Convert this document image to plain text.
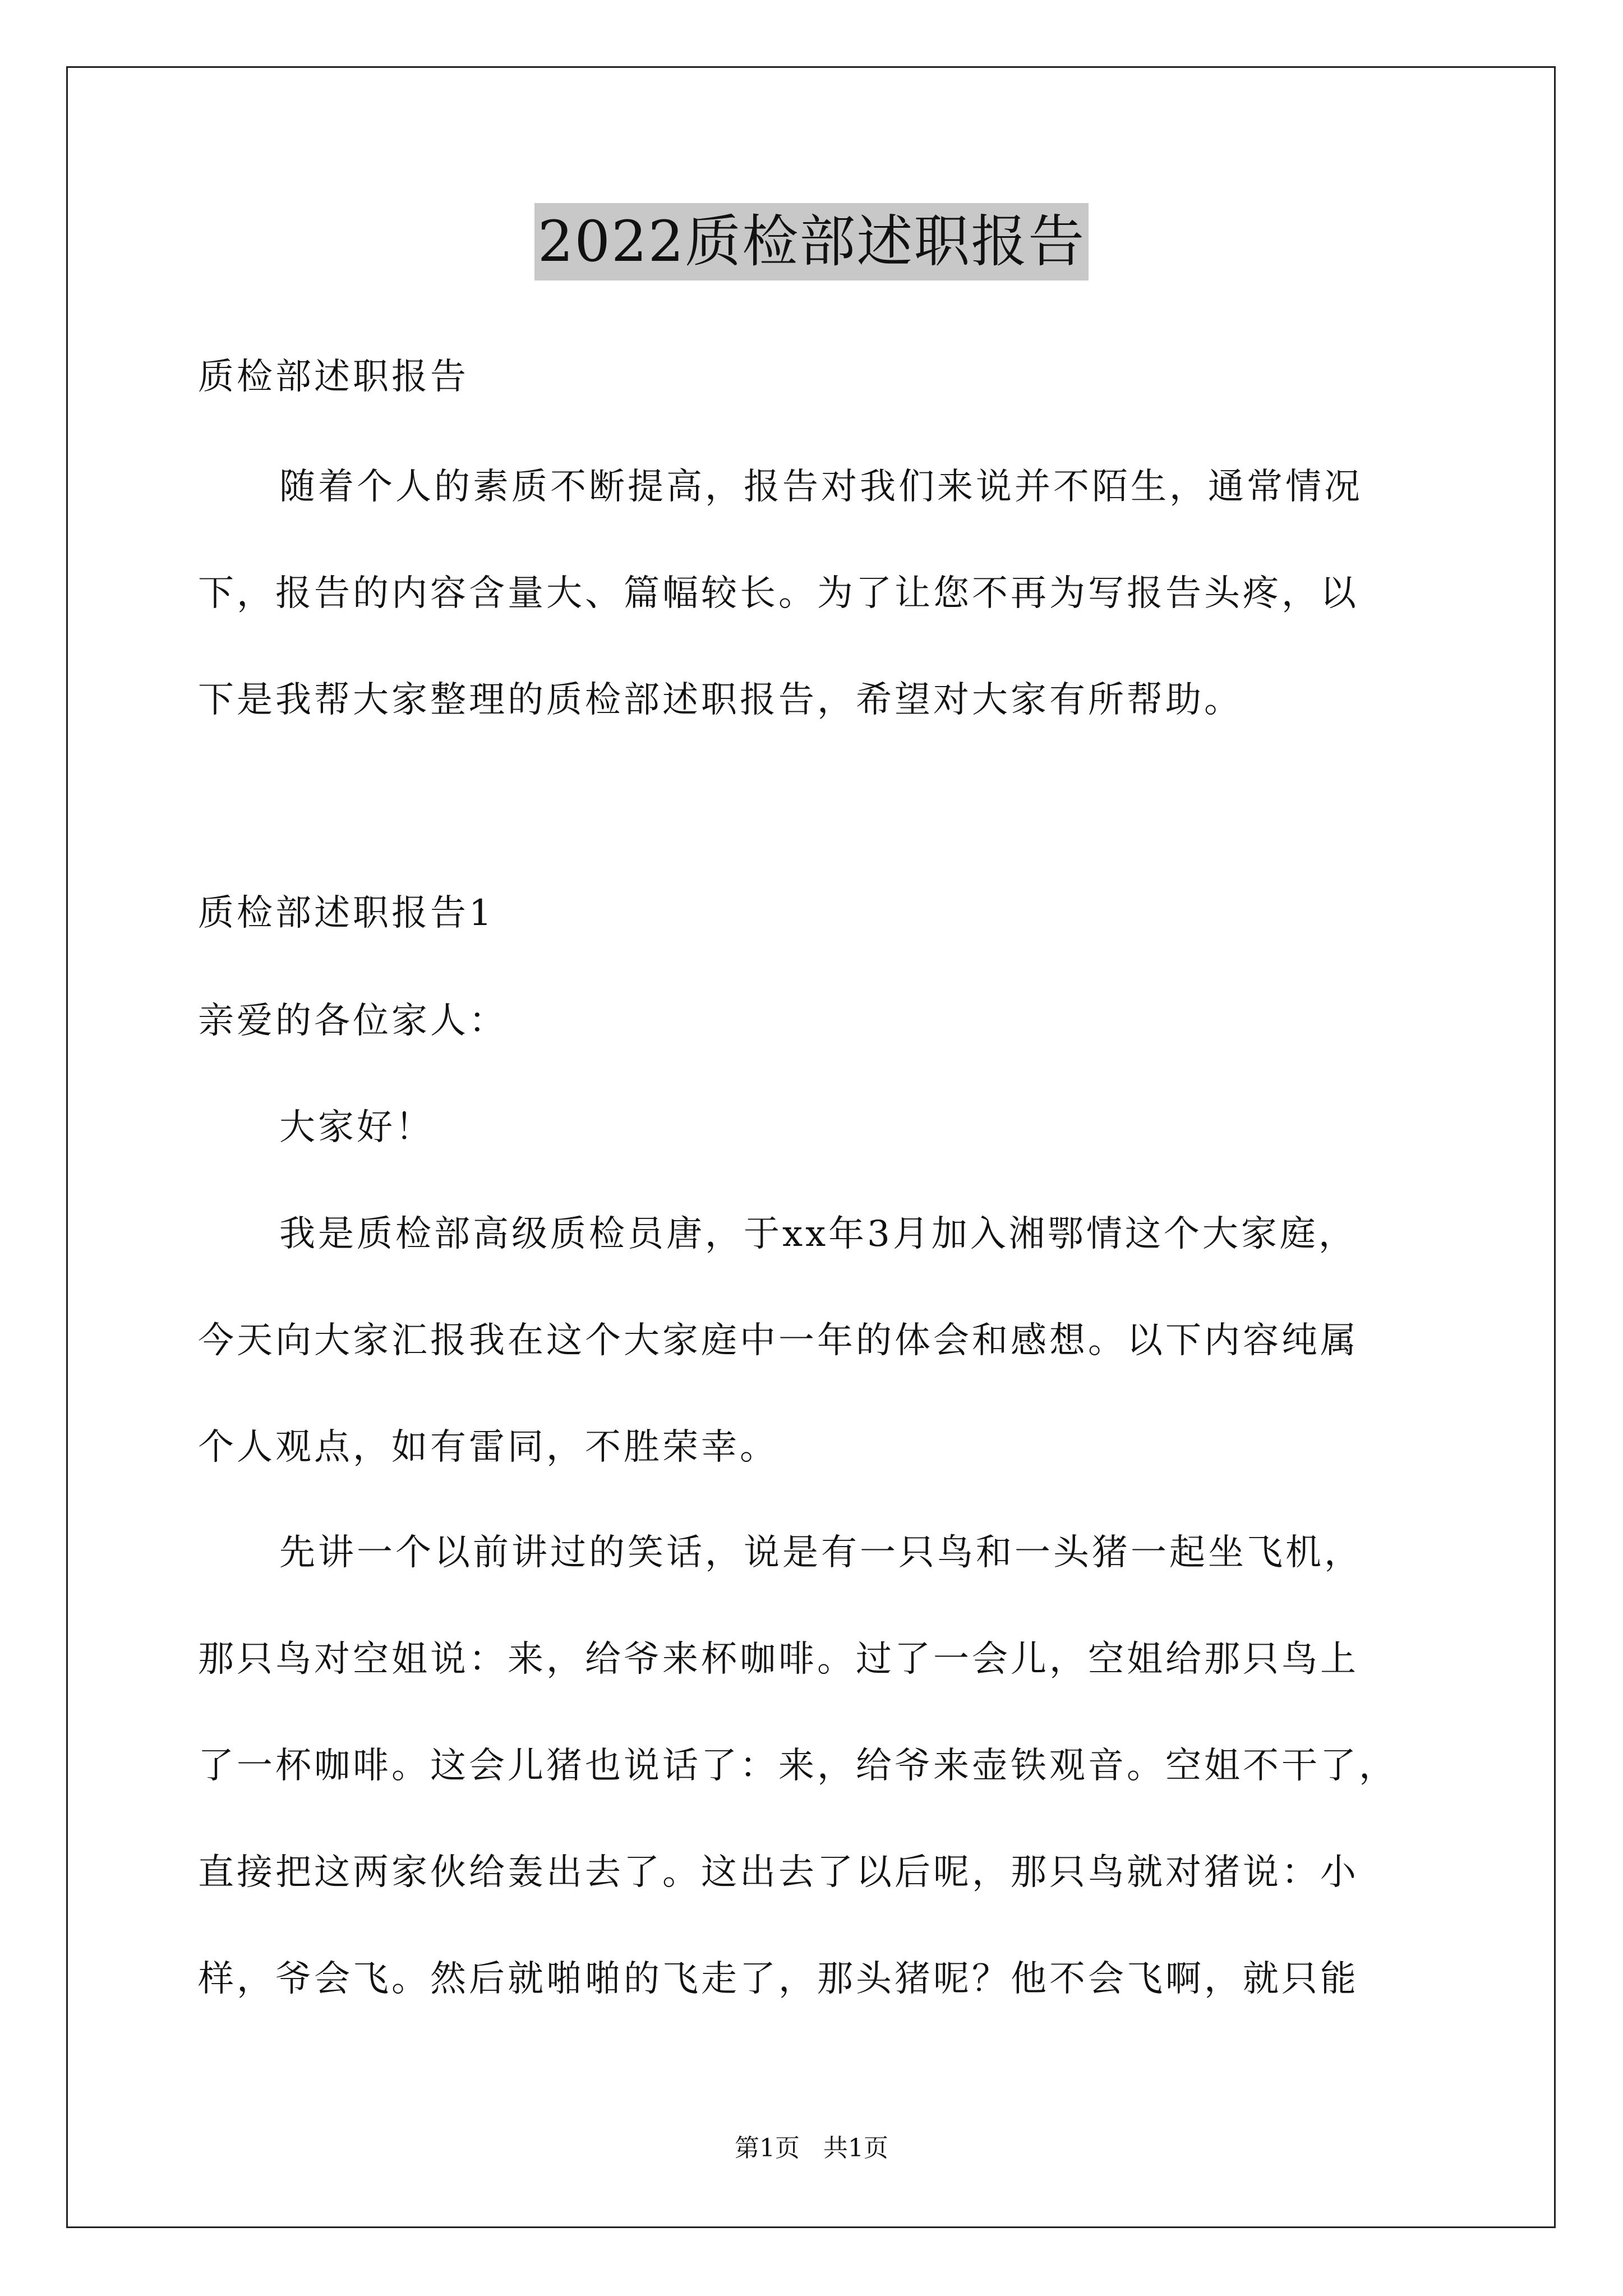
2022质检部述职报告
质检部述职报告
随着个人的素质不断提高，报告对我们来说并不陌生，通常情况
下，报告的内容含量大、篇幅较长。为了让您不再为写报告头疼，以
下是我帮大家整理的质检部述职报告，希望对大家有所帮助。
质检部述职报告1
亲爱的各位家人：
大家好！
我是质检部高级质检员唐，于xx年3月加入湘鄂情这个大家庭，
今天向大家汇报我在这个大家庭中一年的体会和感想。以下内容纯属
个人观点，如有雷同，不胜荣幸。
先讲一个以前讲过的笑话，说是有一只鸟和一头猪一起坐飞机，
那只鸟对空姐说：来，给爷来杯咖啡。过了一会儿，空姐给那只鸟上
了一杯咖啡。这会儿猪也说话了：来，给爷来壶铁观音。空姐不干了，
直接把这两家伙给轰出去了。这出去了以后呢，那只鸟就对猪说：小
样，爷会飞。然后就啪啪的飞走了，那头猪呢？他不会飞啊，就只能
第1页   共1页
